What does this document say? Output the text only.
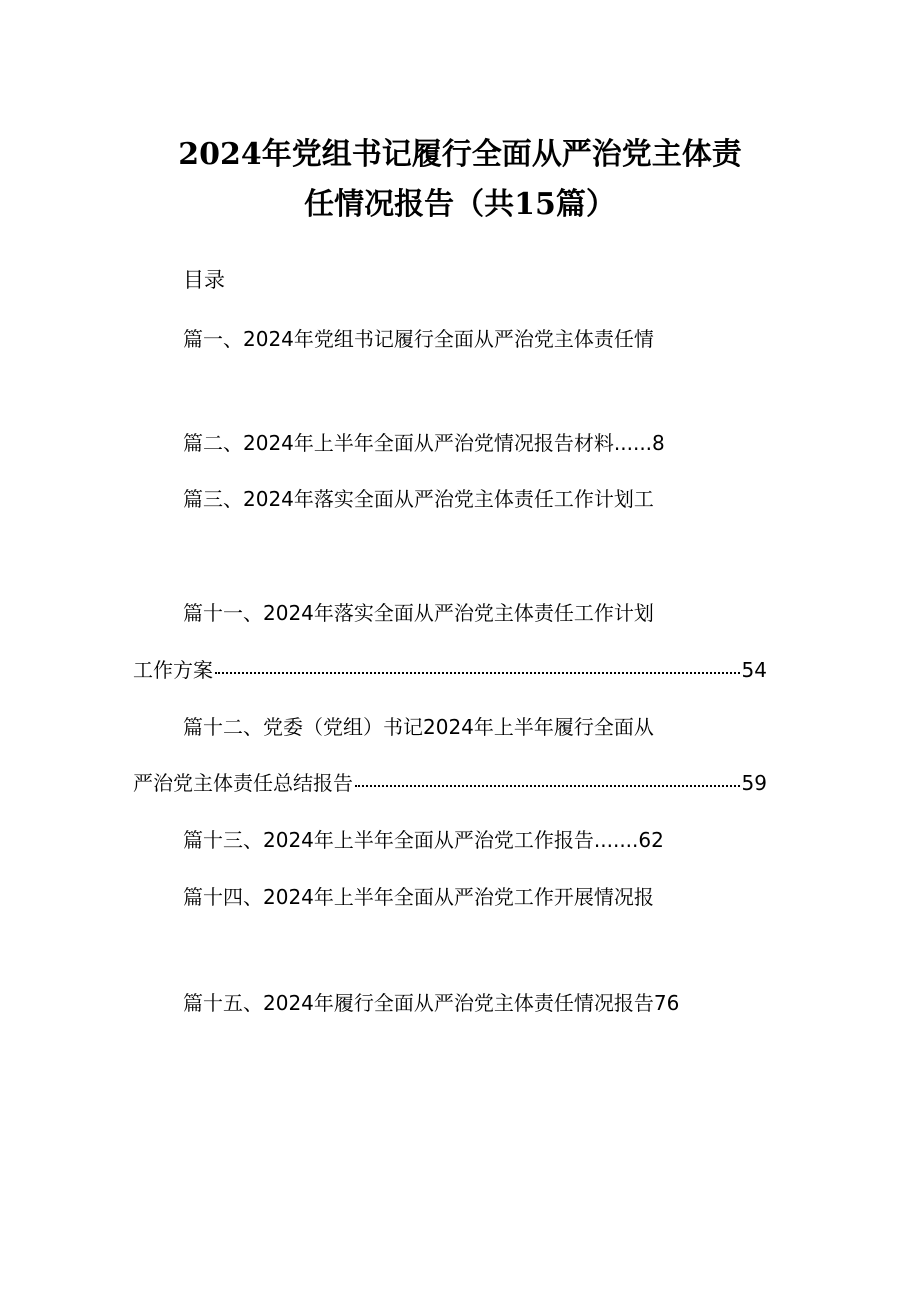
2024年党组书记履行全面从严治党主体责
任情况报告（共15篇）
目录
篇一、2024年党组书记履行全面从严治党主体责任情
篇二、2024年上半年全面从严治党情况报告材料......8
篇三、2024年落实全面从严治党主体责任工作计划工
篇十一、2024年落实全面从严治党主体责任工作计划
工作方案	54
篇十二、党委（党组）书记2024年上半年履行全面从
严治党主体责任总结报告	59
篇十三、2024年上半年全面从严治党工作报告.......62
篇十四、2024年上半年全面从严治党工作开展情况报
篇十五、2024年履行全面从严治党主体责任情况报告76
